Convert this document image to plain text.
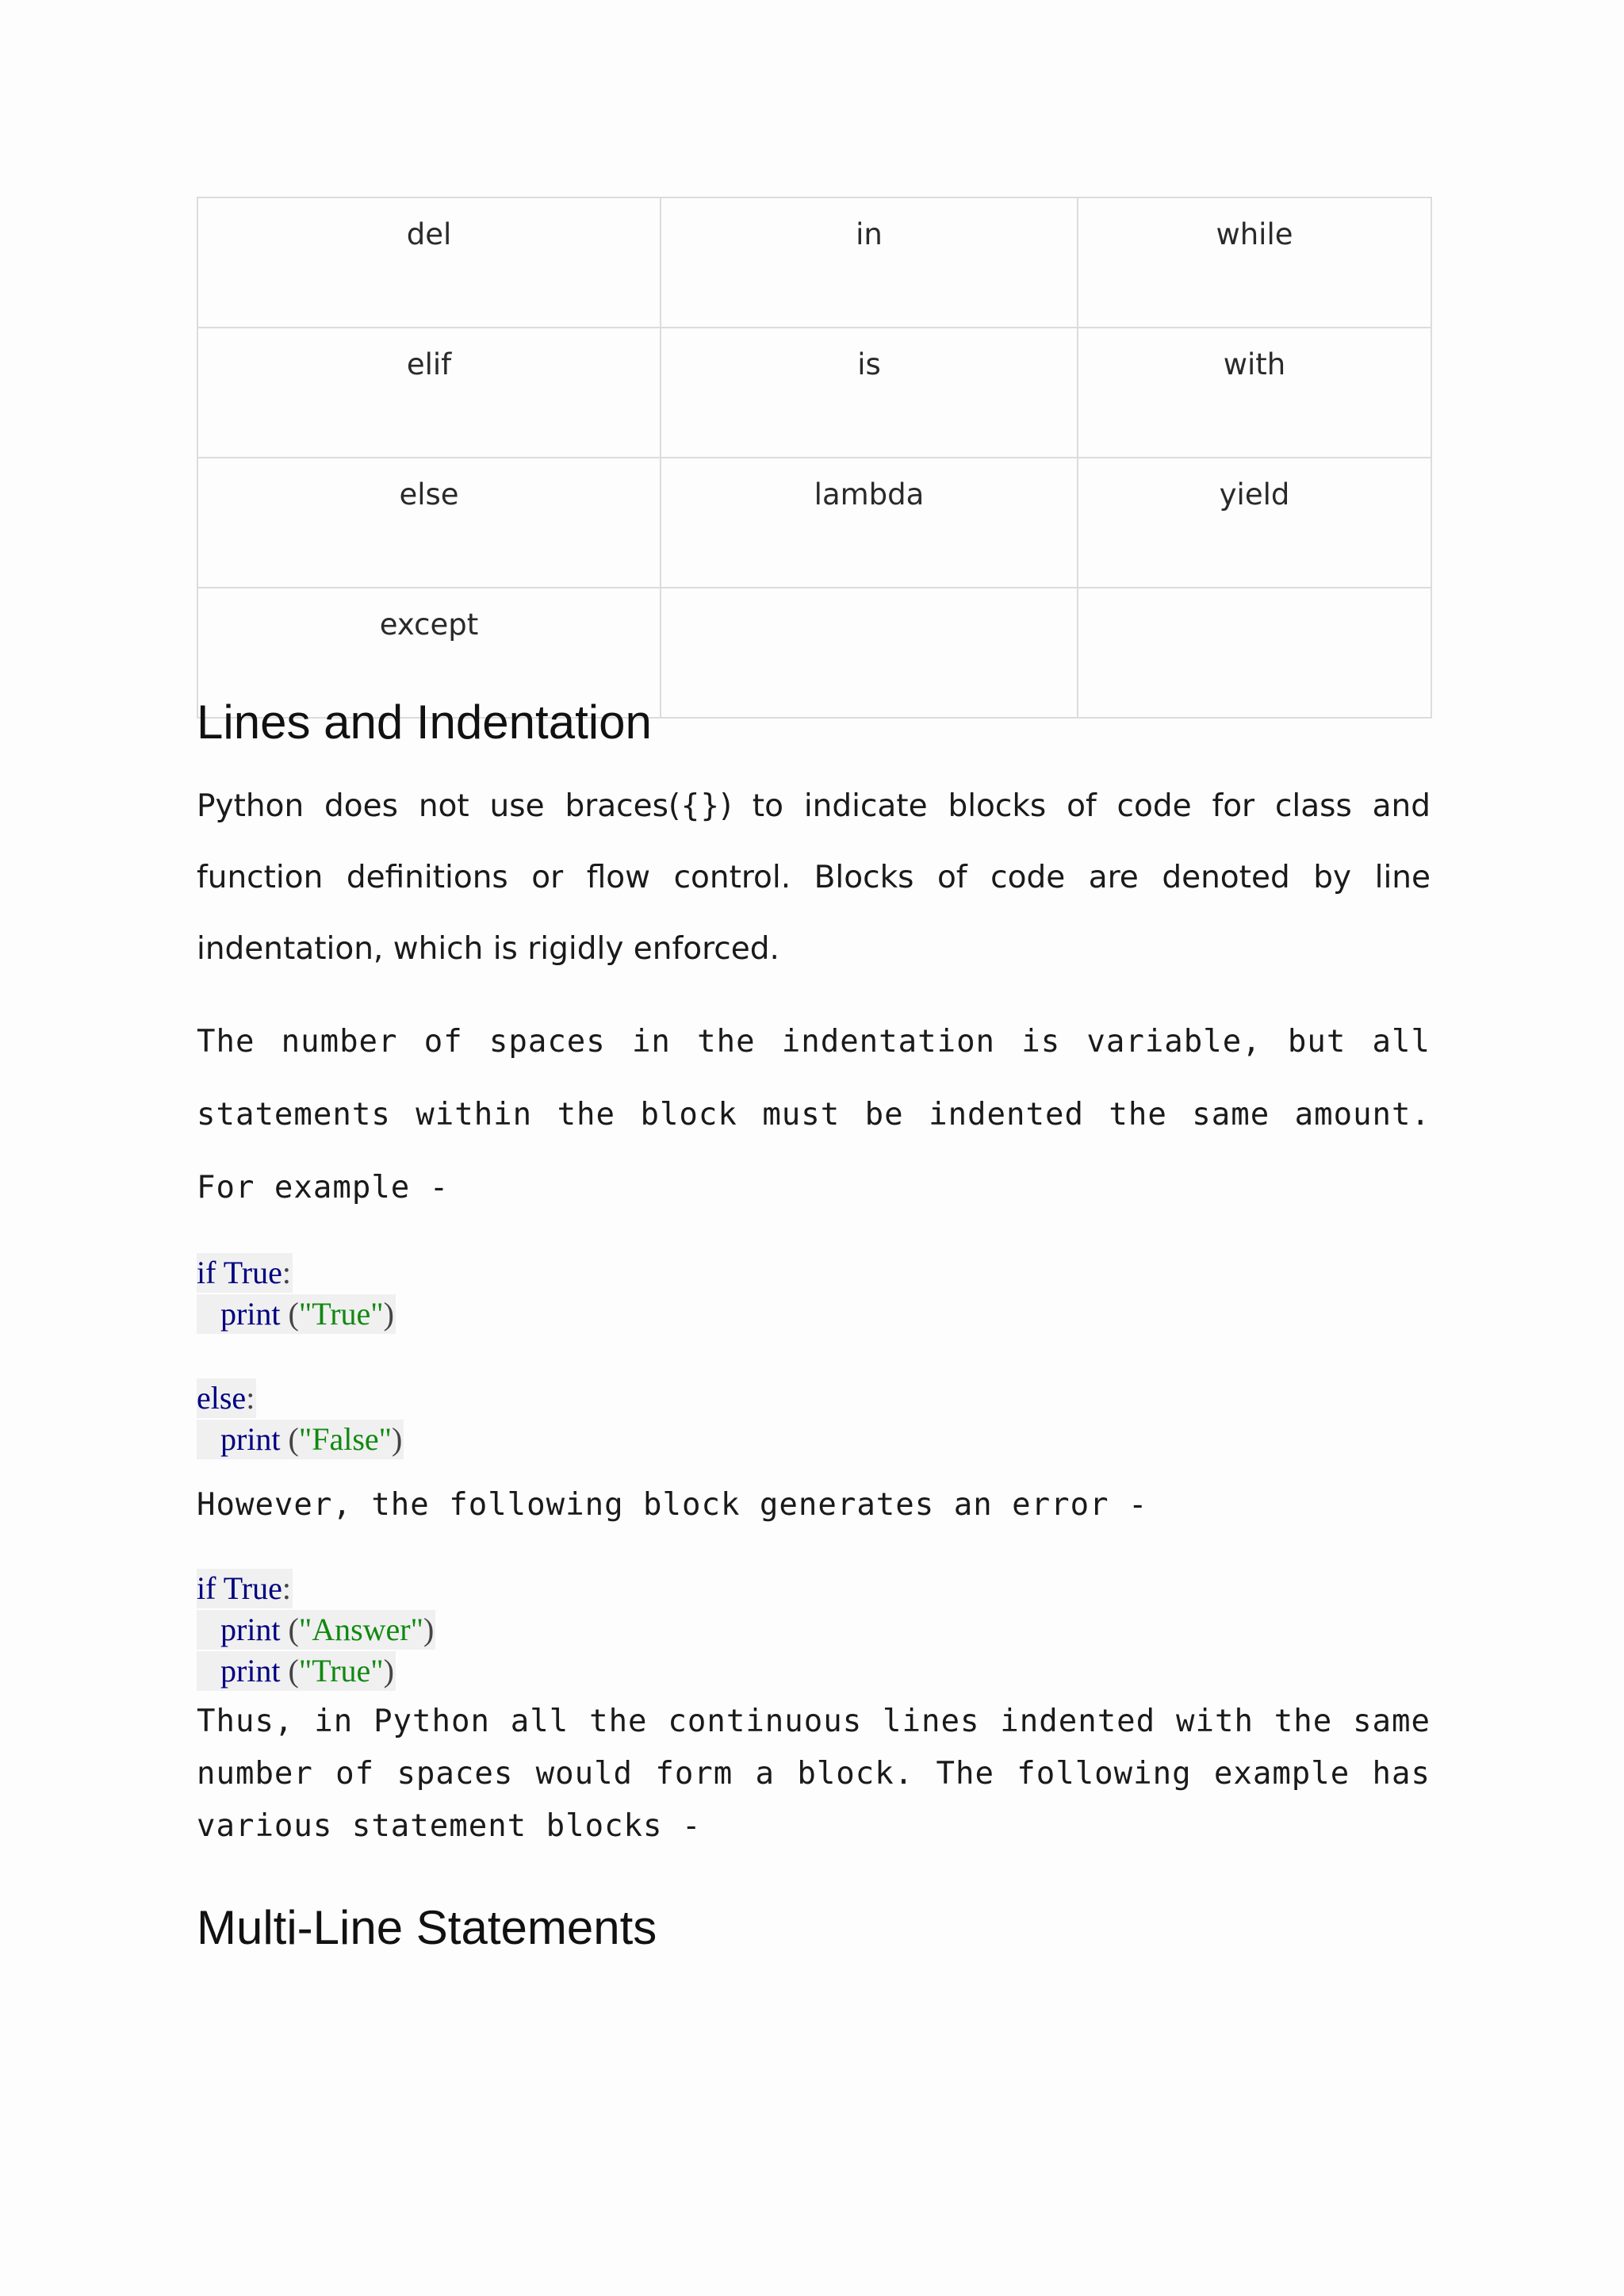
del	in	while
elif	is	with
else	lambda	yield
except		
Lines and Indentation

Python does not use braces({}) to indicate blocks of code for class and function definitions or flow control. Blocks of code are denoted by line indentation, which is rigidly enforced.

The number of spaces in the indentation is variable, but all statements within the block must be indented the same amount. For example -

if True:
print ("True")
else:
print ("False")

However, the following block generates an error -

if True:
print ("Answer")
print ("True")

Thus, in Python all the continuous lines indented with the same number of spaces would form a block. The following example has various statement blocks -

Multi-Line Statements
